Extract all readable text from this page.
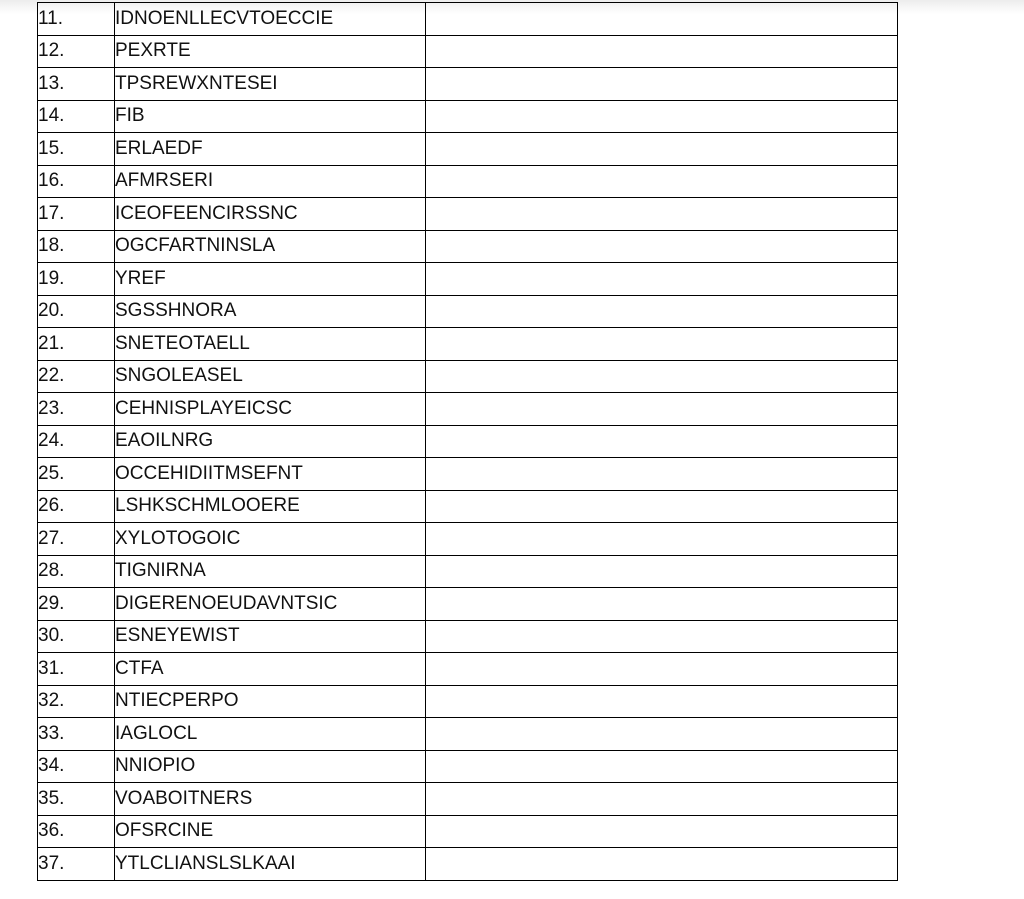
11.	IDNOENLLECVTOECCIE	
12.	PEXRTE	
13.	TPSREWXNTESEI	
14.	FIB	
15.	ERLAEDF	
16.	AFMRSERI	
17.	ICEOFEENCIRSSNC	
18.	OGCFARTNINSLA	
19.	YREF	
20.	SGSSHNORA	
21.	SNETEOTAELL	
22.	SNGOLEASEL	
23.	CEHNISPLAYEICSC	
24.	EAOILNRG	
25.	OCCEHIDIITMSEFNT	
26.	LSHKSCHMLOOERE	
27.	XYLOTOGOIC	
28.	TIGNIRNA	
29.	DIGERENOEUDAVNTSIC	
30.	ESNEYEWIST	
31.	CTFA	
32.	NTIECPERPO	
33.	IAGLOCL	
34.	NNIOPIO	
35.	VOABOITNERS	
36.	OFSRCINE	
37.	YTLCLIANSLSLKAAI	
